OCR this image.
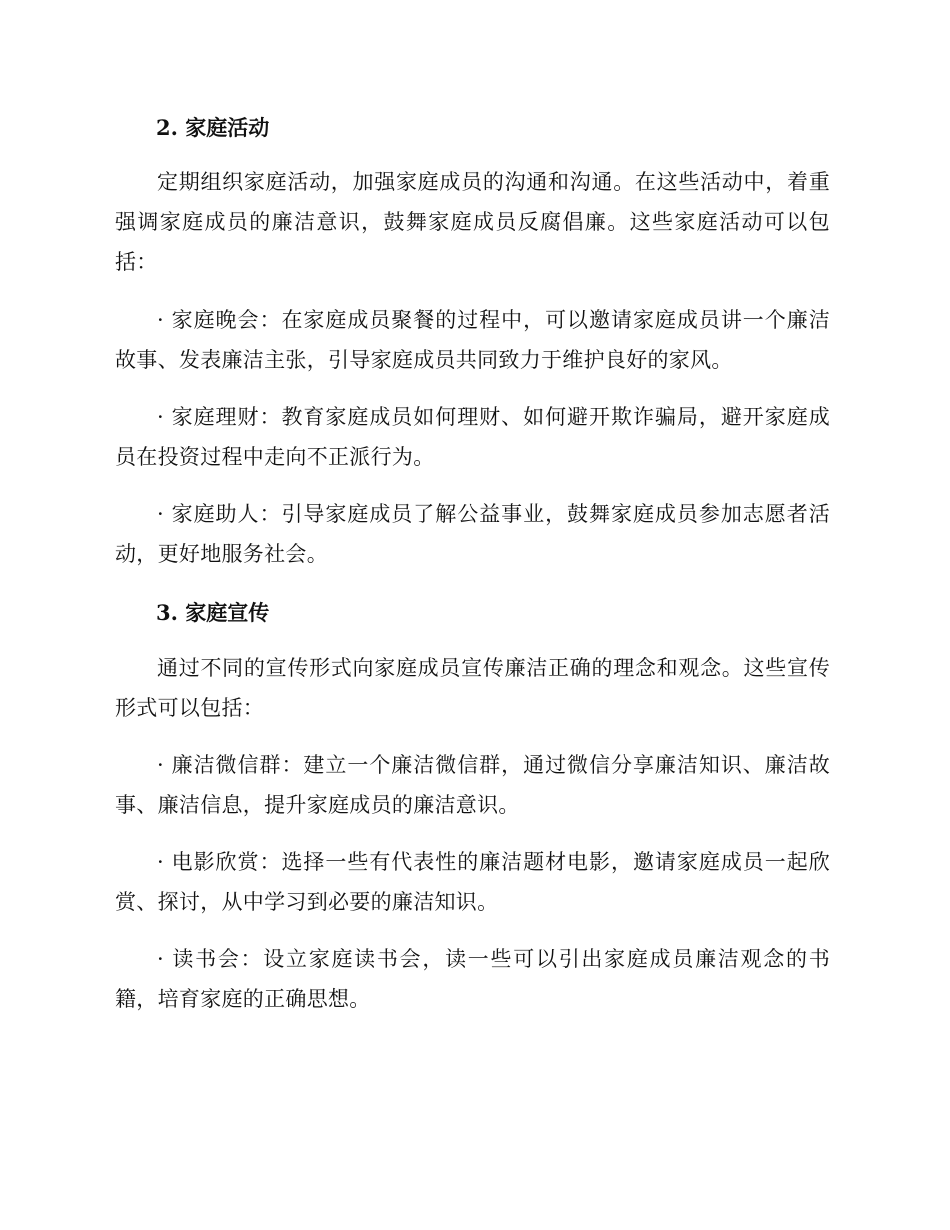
2. 家庭活动

定期组织家庭活动，加强家庭成员的沟通和沟通。在这些活动中，着重强调家庭成员的廉洁意识，鼓舞家庭成员反腐倡廉。这些家庭活动可以包括：

· 家庭晚会：在家庭成员聚餐的过程中，可以邀请家庭成员讲一个廉洁故事、发表廉洁主张，引导家庭成员共同致力于维护良好的家风。

· 家庭理财：教育家庭成员如何理财、如何避开欺诈骗局，避开家庭成员在投资过程中走向不正派行为。

· 家庭助人：引导家庭成员了解公益事业，鼓舞家庭成员参加志愿者活动，更好地服务社会。

3. 家庭宣传

通过不同的宣传形式向家庭成员宣传廉洁正确的理念和观念。这些宣传形式可以包括：

· 廉洁微信群：建立一个廉洁微信群，通过微信分享廉洁知识、廉洁故事、廉洁信息，提升家庭成员的廉洁意识。

· 电影欣赏：选择一些有代表性的廉洁题材电影，邀请家庭成员一起欣赏、探讨，从中学习到必要的廉洁知识。

· 读书会：设立家庭读书会，读一些可以引出家庭成员廉洁观念的书籍，培育家庭的正确思想。
